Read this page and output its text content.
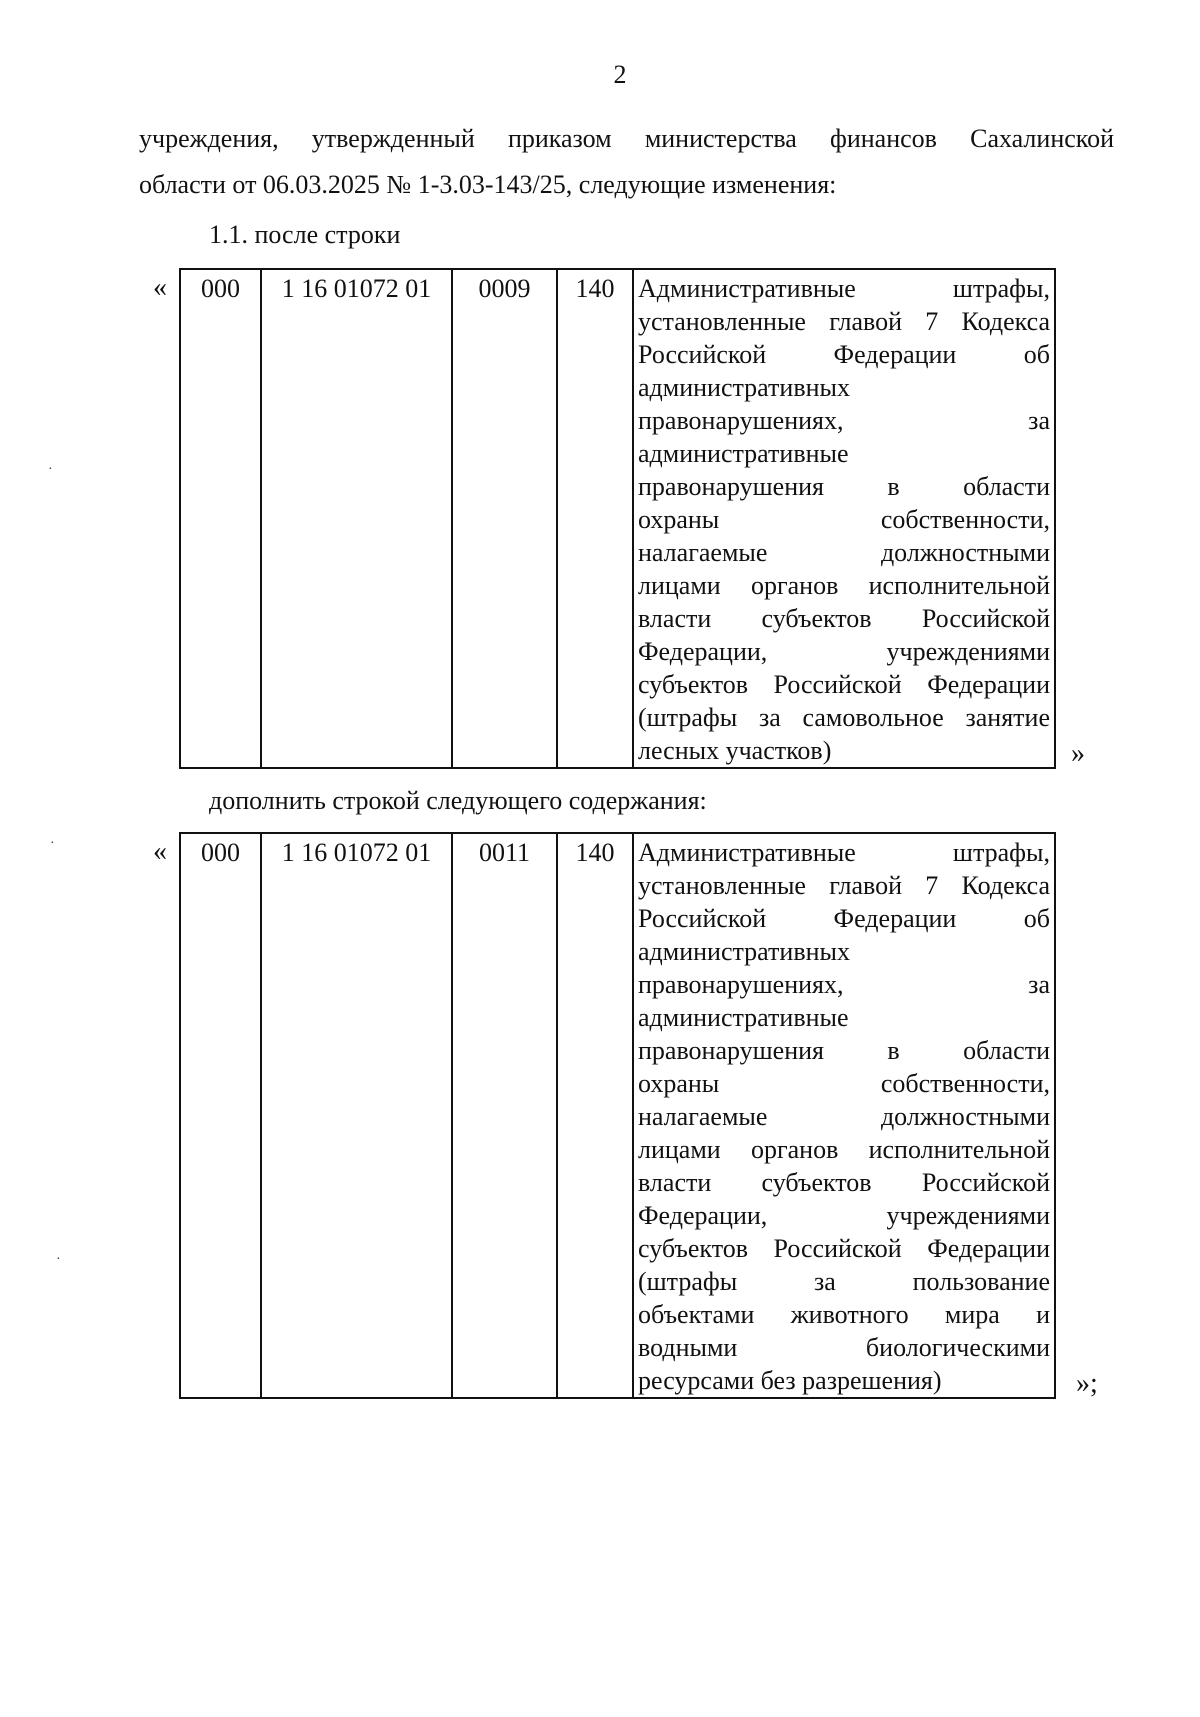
2
учреждения, утвержденный приказом министерства финансов Сахалинской
области от 06.03.2025 № 1-3.03-143/25, следующие изменения:
1.1. после строки
« 000	1 16 01072 01	0009	140	Административные штрафы,
установленные главой 7 Кодекса
Российской Федерации об
административных
правонарушениях, за
административные
правонарушения в области
охраны собственности,
налагаемые должностными
лицами органов исполнительной
власти субъектов Российской
Федерации, учреждениями
субъектов Российской Федерации
(штрафы за самовольное занятие
лесных участков)	»
дополнить строкой следующего содержания:
« 000	1 16 01072 01	0011	140	Административные штрафы,
установленные главой 7 Кодекса
Российской Федерации об
административных
правонарушениях, за
административные
правонарушения в области
охраны собственности,
налагаемые должностными
лицами органов исполнительной
власти субъектов Российской
Федерации, учреждениями
субъектов Российской Федерации
(штрафы за пользование
объектами животного мира и
водными биологическими
ресурсами без разрешения)	»;
·
·
·
